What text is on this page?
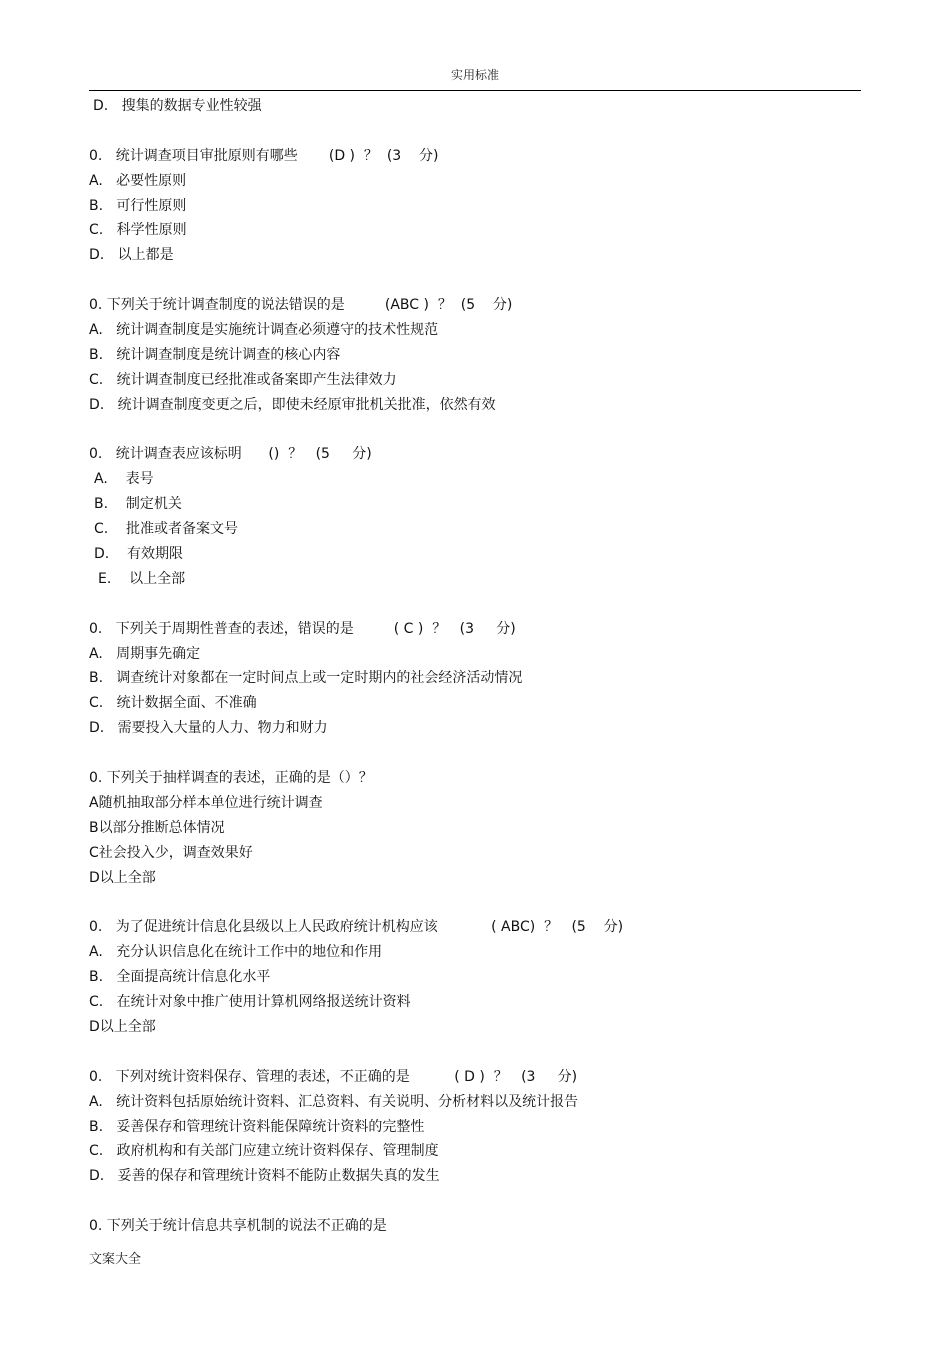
实用标准
D.   搜集的数据专业性较强
0.   统计调查项目审批原则有哪些       (D )  ？  (3    分)
A.   必要性原则
B.   可行性原则
C.   科学性原则
D.   以上都是
0. 下列关于统计调查制度的说法错误的是         (ABC )  ？  (5    分)
A.   统计调查制度是实施统计调查必须遵守的技术性规范
B.   统计调查制度是统计调查的核心内容
C.   统计调查制度已经批准或备案即产生法律效力
D.   统计调查制度变更之后，即使未经原审批机关批准，依然有效
0.   统计调查表应该标明      ()  ？   (5     分)
A.    表号
B.    制定机关
C.    批准或者备案文号
D.    有效期限
E.    以上全部
0.   下列关于周期性普查的表述，错误的是         ( C )  ？   (3     分)
A.   周期事先确定
B.   调查统计对象都在一定时间点上或一定时期内的社会经济活动情况
C.   统计数据全面、不准确
D.   需要投入大量的人力、物力和财力
0. 下列关于抽样调查的表述，正确的是（）？
A随机抽取部分样本单位进行统计调查
B以部分推断总体情况
C社会投入少，调查效果好
D以上全部
0.   为了促进统计信息化县级以上人民政府统计机构应该            ( ABC)  ？   (5    分)
A.   充分认识信息化在统计工作中的地位和作用
B.   全面提高统计信息化水平
C.   在统计对象中推广使用计算机网络报送统计资料
D以上全部
0.   下列对统计资料保存、管理的表述，不正确的是          ( D )  ？   (3     分)
A.   统计资料包括原始统计资料、汇总资料、有关说明、分析材料以及统计报告
B.   妥善保存和管理统计资料能保障统计资料的完整性
C.   政府机构和有关部门应建立统计资料保存、管理制度
D.   妥善的保存和管理统计资料不能防止数据失真的发生
0. 下列关于统计信息共享机制的说法不正确的是
文案大全
